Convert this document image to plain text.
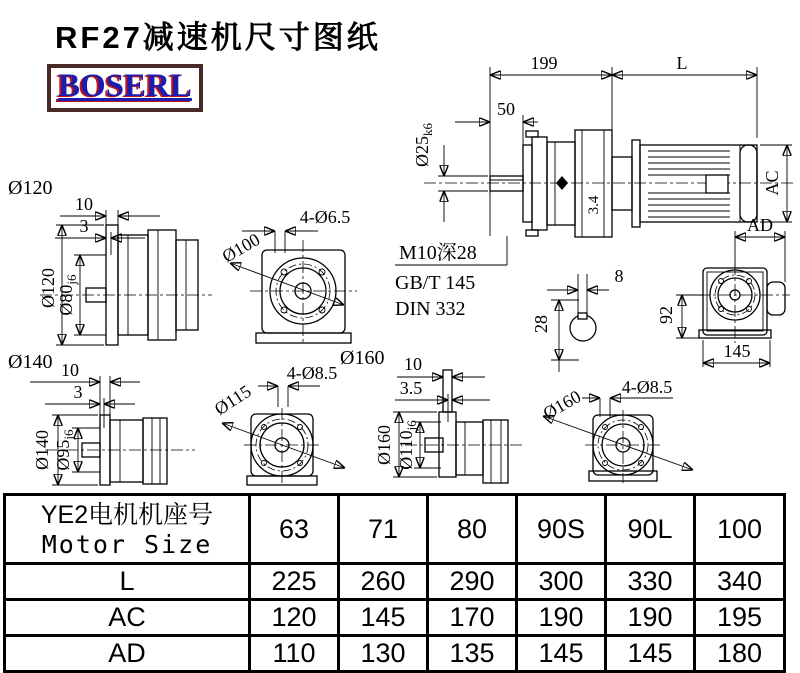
RF27减速机尺寸图纸
BOSERL
Ø120
10
3
Ø120
$Ø80_{j6}$
4-Ø6.5
Ø100
199	L
50
$Ø25_{k6}$
AC
3.4
M10深28
GB/T 145
DIN 332
8
28
AD
92
145
Ø140 10
3
Ø140 $Ø95_{j6}$
4-Ø8.5
Ø115
Ø160 10
3.5
Ø160 $Ø110_{j6}$
4-Ø8.5
Ø160
YE2电机机座号
Motor Size	63	71	80	90S	90L	100
L	225	260	290	300	330	340
AC	120	145	170	190	190	195
AD	110	130	135	145	145	180
